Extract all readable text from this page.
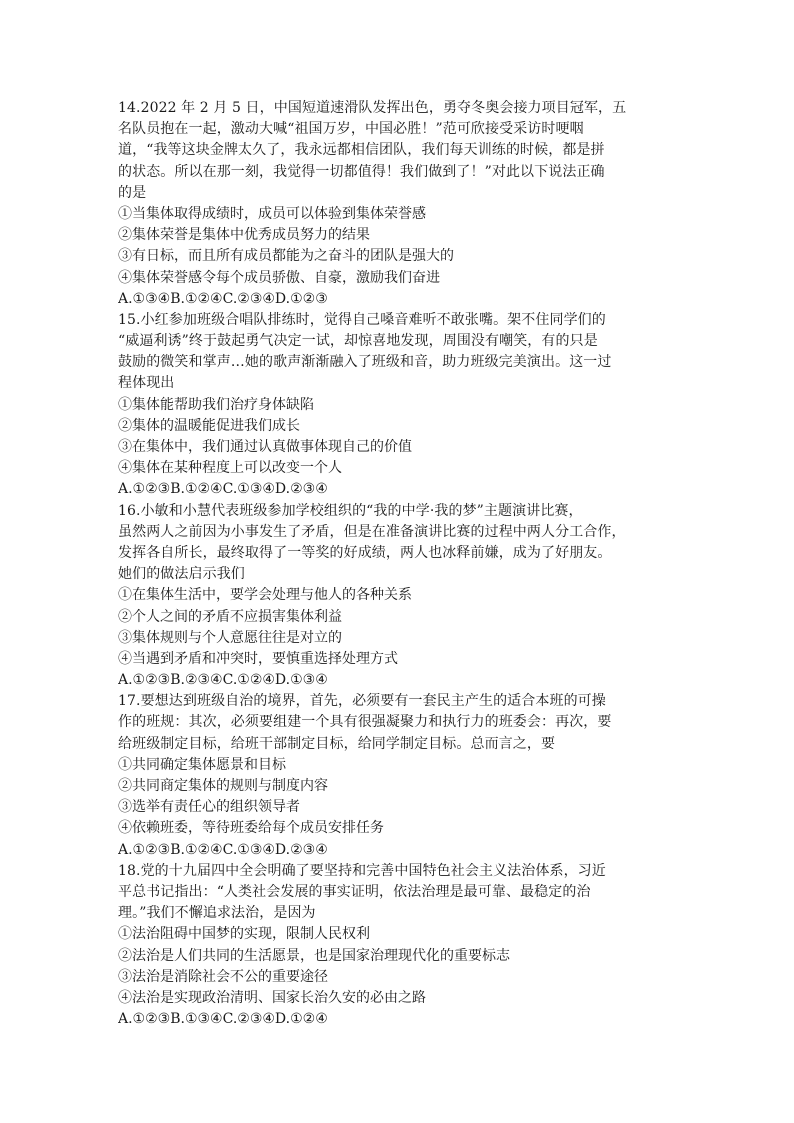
14.2022 年 2 月 5 日，中国短道速滑队发挥出色，勇夺冬奥会接力项目冠军，五
名队员抱在一起，激动大喊“祖国万岁，中国必胜！”范可欣接受采访时哽咽
道，“我等这块金牌太久了，我永远都相信团队，我们每天训练的时候，都是拼
的状态。所以在那一刻，我觉得一切都值得！我们做到了！”对此以下说法正确
的是
①当集体取得成绩时，成员可以体验到集体荣誉感
②集体荣誉是集体中优秀成员努力的结果
③有日标，而且所有成员都能为之奋斗的团队是强大的
④集体荣誉感令每个成员骄傲、自豪，激励我们奋进
A.①③④B.①②④C.②③④D.①②③
15.小红参加班级合唱队排练时，觉得自己嗓音难听不敢张嘴。架不住同学们的
“威逼利诱”终于鼓起勇气决定一试，却惊喜地发现，周围没有嘲笑，有的只是
鼓励的微笑和掌声…她的歌声渐渐融入了班级和音，助力班级完美演出。这一过
程体现出
①集体能帮助我们治疗身体缺陷
②集体的温暖能促进我们成长
③在集体中，我们通过认真做事体现自己的价值
④集体在某种程度上可以改变一个人
A.①②③B.①②④C.①③④D.②③④
16.小敏和小慧代表班级参加学校组织的“我的中学·我的梦”主题演讲比赛，
虽然两人之前因为小事发生了矛盾，但是在准备演讲比赛的过程中两人分工合作，
发挥各自所长，最终取得了一等奖的好成绩，两人也冰释前嫌，成为了好朋友。
她们的做法启示我们
①在集体生活中，要学会处理与他人的各种关系
②个人之间的矛盾不应损害集体利益
③集体规则与个人意愿往往是对立的
④当遇到矛盾和冲突时，要慎重选择处理方式
A.①②③B.②③④C.①②④D.①③④
17.要想达到班级自治的境界，首先，必须要有一套民主产生的适合本班的可操
作的班规：其次，必须要组建一个具有很强凝聚力和执行力的班委会：再次，要
给班级制定目标，给班干部制定目标，给同学制定目标。总而言之，要
①共同确定集体愿景和目标
②共同商定集体的规则与制度内容
③选举有责任心的组织领导者
④依赖班委，等待班委给每个成员安排任务
A.①②③B.①②④C.①③④D.②③④
18.党的十九届四中全会明确了要坚持和完善中国特色社会主义法治体系，习近
平总书记指出：“人类社会发展的事实证明，依法治理是最可靠、最稳定的治
理。”我们不懈追求法治，是因为
①法治阻碍中国梦的实现，限制人民权利
②法治是人们共同的生活愿景，也是国家治理现代化的重要标志
③法治是消除社会不公的重要途径
④法治是实现政治清明、国家长治久安的必由之路
A.①②③B.①③④C.②③④D.①②④
